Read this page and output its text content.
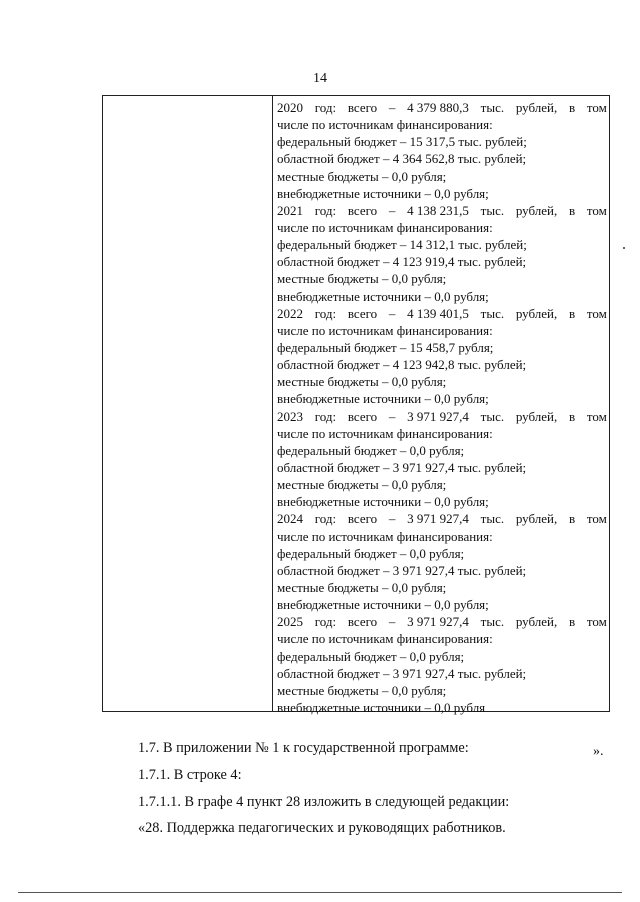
14
2020 год: всего – 4 379 880,3 тыс. рублей, в том
числе по источникам финансирования:
федеральный бюджет – 15 317,5 тыс. рублей;
областной бюджет – 4 364 562,8 тыс. рублей;
местные бюджеты – 0,0 рубля;
внебюджетные источники – 0,0 рубля;
2021 год: всего – 4 138 231,5 тыс. рублей, в том
числе по источникам финансирования:
федеральный бюджет – 14 312,1 тыс. рублей;
областной бюджет – 4 123 919,4 тыс. рублей;
местные бюджеты – 0,0 рубля;
внебюджетные источники – 0,0 рубля;
2022 год: всего – 4 139 401,5 тыс. рублей, в том
числе по источникам финансирования:
федеральный бюджет – 15 458,7 рубля;
областной бюджет – 4 123 942,8 тыс. рублей;
местные бюджеты – 0,0 рубля;
внебюджетные источники – 0,0 рубля;
2023 год: всего – 3 971 927,4 тыс. рублей, в том
числе по источникам финансирования:
федеральный бюджет – 0,0 рубля;
областной бюджет – 3 971 927,4 тыс. рублей;
местные бюджеты – 0,0 рубля;
внебюджетные источники – 0,0 рубля;
2024 год: всего – 3 971 927,4 тыс. рублей, в том
числе по источникам финансирования:
федеральный бюджет – 0,0 рубля;
областной бюджет – 3 971 927,4 тыс. рублей;
местные бюджеты – 0,0 рубля;
внебюджетные источники – 0,0 рубля;
2025 год: всего – 3 971 927,4 тыс. рублей, в том
числе по источникам финансирования:
федеральный бюджет – 0,0 рубля;
областной бюджет – 3 971 927,4 тыс. рублей;
местные бюджеты – 0,0 рубля;
внебюджетные источники – 0,0 рубля
».
1.7. В приложении № 1 к государственной программе:
1.7.1. В строке 4:
1.7.1.1. В графе 4 пункт 28 изложить в следующей редакции:
«28. Поддержка педагогических и руководящих работников.
